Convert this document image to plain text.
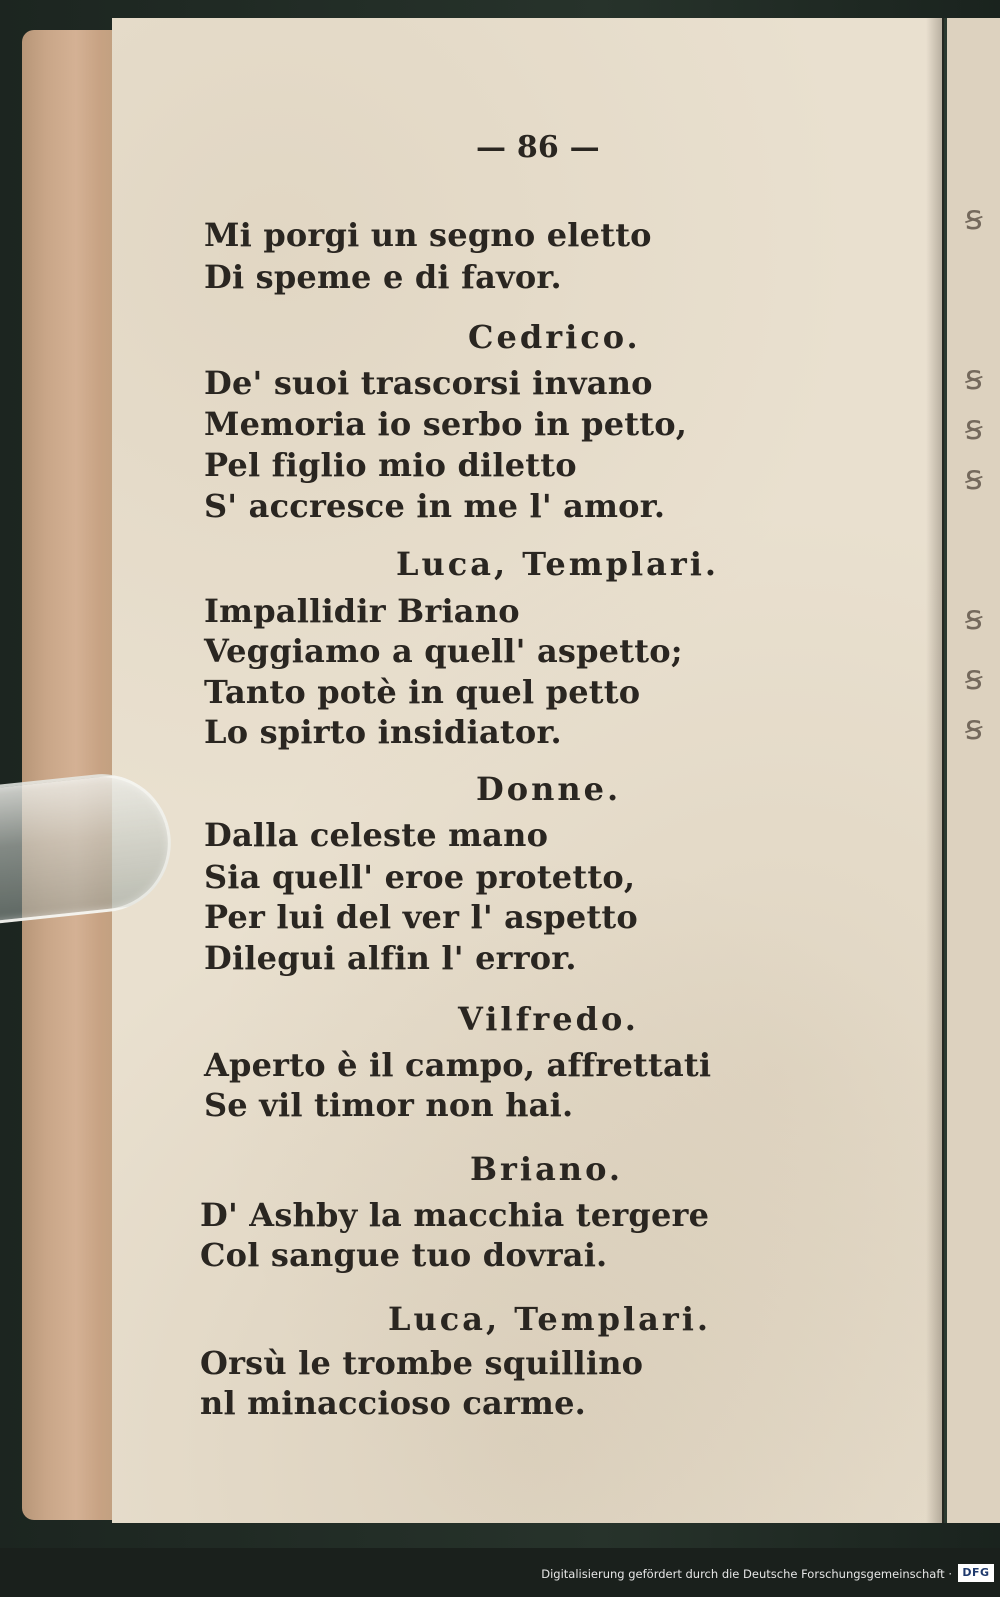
— 86 —
Mi porgi un segno eletto
Di speme e di favor.
Cedrico.
De' suoi trascorsi invano
Memoria io serbo in petto,
Pel figlio mio diletto
S' accresce in me l' amor.
Luca, Templari.
Impallidir Briano
Veggiamo a quell' aspetto;
Tanto potè in quel petto
Lo spirto insidiator.
Donne.
Dalla celeste mano
Sia quell' eroe protetto,
Per lui del ver l' aspetto
Dilegui alfin l' error.
Vilfredo.
Aperto è il campo, affrettati
Se vil timor non hai.
Briano.
D' Ashby la macchia tergere
Col sangue tuo dovrai.
Luca, Templari.
Orsù le trombe squillino
nl minaccioso carme.
ꞩ
ꞩ
ꞩ
ꞩ
ꞩ
ꞩ
ꞩ
Digitalisierung gefördert durch die Deutsche Forschungsgemeinschaft · DFG
